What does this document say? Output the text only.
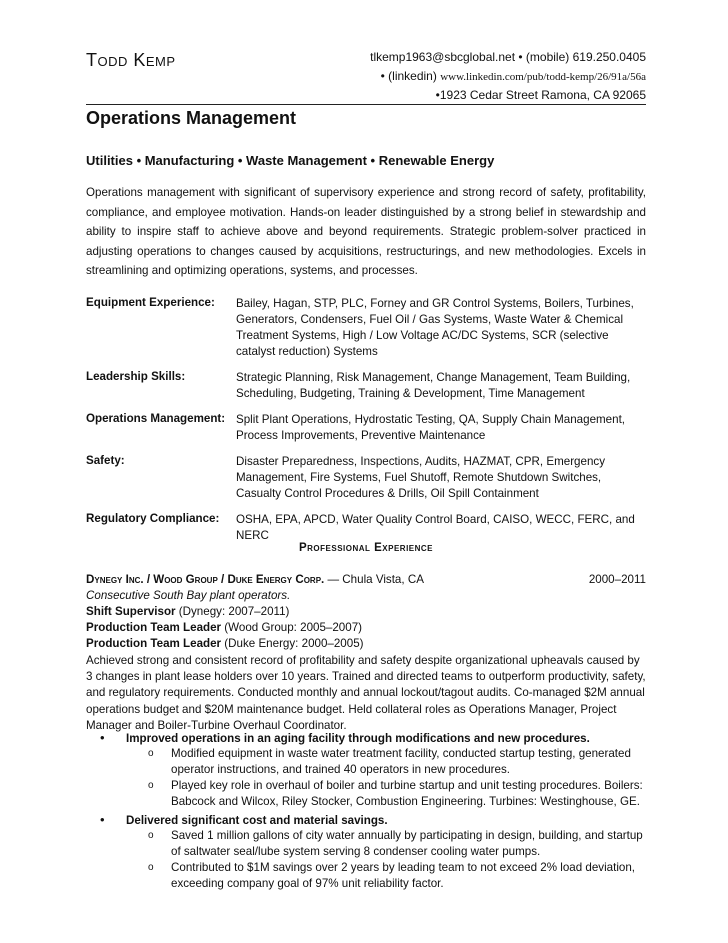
Todd Kemp	tlkemp1963@sbcglobal.net • (mobile) 619.250.0405
• (linkedin) www.linkedin.com/pub/todd-kemp/26/91a/56a
•1923 Cedar Street Ramona, CA 92065
Operations Management
Utilities • Manufacturing • Waste Management • Renewable Energy
Operations management with significant of supervisory experience and strong record of safety, profitability, compliance, and employee motivation. Hands-on leader distinguished by a strong belief in stewardship and ability to inspire staff to achieve above and beyond requirements. Strategic problem-solver practiced in adjusting operations to changes caused by acquisitions, restructurings, and new methodologies. Excels in streamlining and optimizing operations, systems, and processes.
Equipment Experience: Bailey, Hagan, STP, PLC, Forney and GR Control Systems, Boilers, Turbines, Generators, Condensers, Fuel Oil / Gas Systems, Waste Water & Chemical Treatment Systems, High / Low Voltage AC/DC Systems, SCR (selective catalyst reduction) Systems
Leadership Skills:	Strategic Planning, Risk Management, Change Management, Team Building, Scheduling, Budgeting, Training & Development, Time Management
Operations Management: Split Plant Operations, Hydrostatic Testing, QA, Supply Chain Management, Process Improvements, Preventive Maintenance
Safety:	Disaster Preparedness, Inspections, Audits, HAZMAT, CPR, Emergency Management, Fire Systems, Fuel Shutoff, Remote Shutdown Switches, Casualty Control Procedures & Drills, Oil Spill Containment
Regulatory Compliance: OSHA, EPA, APCD, Water Quality Control Board, CAISO, WECC, FERC, and NERC
Professional Experience
Dynegy Inc. / Wood Group / Duke Energy Corp. — Chula Vista, CA	2000–2011
Consecutive South Bay plant operators.
Shift Supervisor (Dynegy: 2007–2011)
Production Team Leader (Wood Group: 2005–2007)
Production Team Leader (Duke Energy: 2000–2005)
Achieved strong and consistent record of profitability and safety despite organizational upheavals caused by 3 changes in plant lease holders over 10 years. Trained and directed teams to outperform productivity, safety, and regulatory requirements. Conducted monthly and annual lockout/tagout audits. Co-managed $2M annual operations budget and $20M maintenance budget. Held collateral roles as Operations Manager, Project Manager and Boiler-Turbine Overhaul Coordinator.
• Improved operations in an aging facility through modifications and new procedures.
o Modified equipment in waste water treatment facility, conducted startup testing, generated operator instructions, and trained 40 operators in new procedures.
o Played key role in overhaul of boiler and turbine startup and unit testing procedures. Boilers: Babcock and Wilcox, Riley Stocker, Combustion Engineering. Turbines: Westinghouse, GE.
• Delivered significant cost and material savings.
o Saved 1 million gallons of city water annually by participating in design, building, and startup of saltwater seal/lube system serving 8 condenser cooling water pumps.
o Contributed to $1M savings over 2 years by leading team to not exceed 2% load deviation, exceeding company goal of 97% unit reliability factor.
